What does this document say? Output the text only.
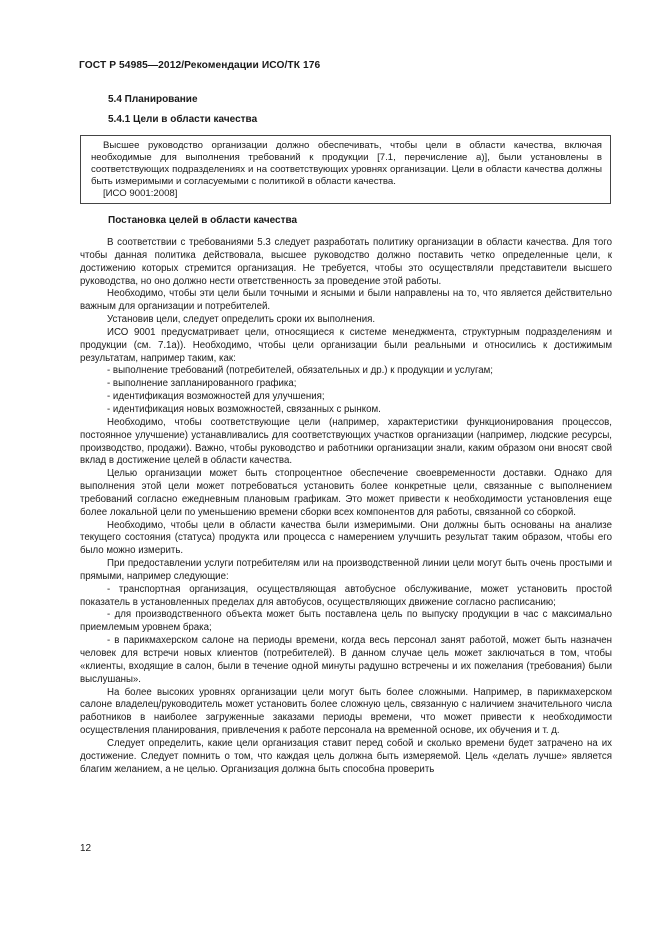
ГОСТ Р 54985—2012/Рекомендации ИСО/ТК 176
5.4 Планирование
5.4.1 Цели в области качества

Высшее руководство организации должно обеспечивать, чтобы цели в области качества, включая необходимые для выполнения требований к продукции [7.1, перечисление а)], были установлены в соответствующих подразделениях и на соответствующих уровнях организации. Цели в области качества должны быть измеримыми и согласуемыми с политикой в области качества.

[ИСО 9001:2008]

Постановка целей в области качества

В соответствии с требованиями 5.3 следует разработать политику организации в области качества. Для того чтобы данная политика действовала, высшее руководство должно поставить четко определенные цели, к достижению которых стремится организация. Не требуется, чтобы это осуществляли представители высшего руководства, но оно должно нести ответственность за проведение этой работы.

Необходимо, чтобы эти цели были точными и ясными и были направлены на то, что является действительно важным для организации и потребителей.

Установив цели, следует определить сроки их выполнения.

ИСО 9001 предусматривает цели, относящиеся к системе менеджмента, структурным подразделениям и продукции (см. 7.1а)). Необходимо, чтобы цели организации были реальными и относились к достижимым результатам, например таким, как:

- выполнение требований (потребителей, обязательных и др.) к продукции и услугам;

- выполнение запланированного графика;

- идентификация возможностей для улучшения;

- идентификация новых возможностей, связанных с рынком.

Необходимо, чтобы соответствующие цели (например, характеристики функционирования процессов, постоянное улучшение) устанавливались для соответствующих участков организации (например, людские ресурсы, производство, продажи). Важно, чтобы руководство и работники организации знали, каким образом они вносят свой вклад в достижение целей в области качества.

Целью организации может быть стопроцентное обеспечение своевременности доставки. Однако для выполнения этой цели может потребоваться установить более конкретные цели, связанные с выполнением требований согласно ежедневным плановым графикам. Это может привести к необходимости установления еще более локальной цели по уменьшению времени сборки всех компонентов для работы, связанной со сборкой.

Необходимо, чтобы цели в области качества были измеримыми. Они должны быть основаны на анализе текущего состояния (статуса) продукта или процесса с намерением улучшить результат таким образом, чтобы его было можно измерить.

При предоставлении услуги потребителям или на производственной линии цели могут быть очень простыми и прямыми, например следующие:

- транспортная организация, осуществляющая автобусное обслуживание, может установить простой показатель в установленных пределах для автобусов, осуществляющих движение согласно расписанию;

- для производственного объекта может быть поставлена цель по выпуску продукции в час с максимально приемлемым уровнем брака;

- в парикмахерском салоне на периоды времени, когда весь персонал занят работой, может быть назначен человек для встречи новых клиентов (потребителей). В данном случае цель может заключаться в том, чтобы «клиенты, входящие в салон, были в течение одной минуты радушно встречены и их пожелания (требования) были выслушаны».

На более высоких уровнях организации цели могут быть более сложными. Например, в парикмахерском салоне владелец/руководитель может установить более сложную цель, связанную с наличием значительного числа работников в наиболее загруженные заказами периоды времени, что может привести к необходимости осуществления планирования, привлечения к работе персонала на временной основе, их обучения и т. д.

Следует определить, какие цели организация ставит перед собой и сколько времени будет затрачено на их достижение. Следует помнить о том, что каждая цель должна быть измеряемой. Цель «делать лучше» является благим желанием, а не целью. Организация должна быть способна проверить

12
